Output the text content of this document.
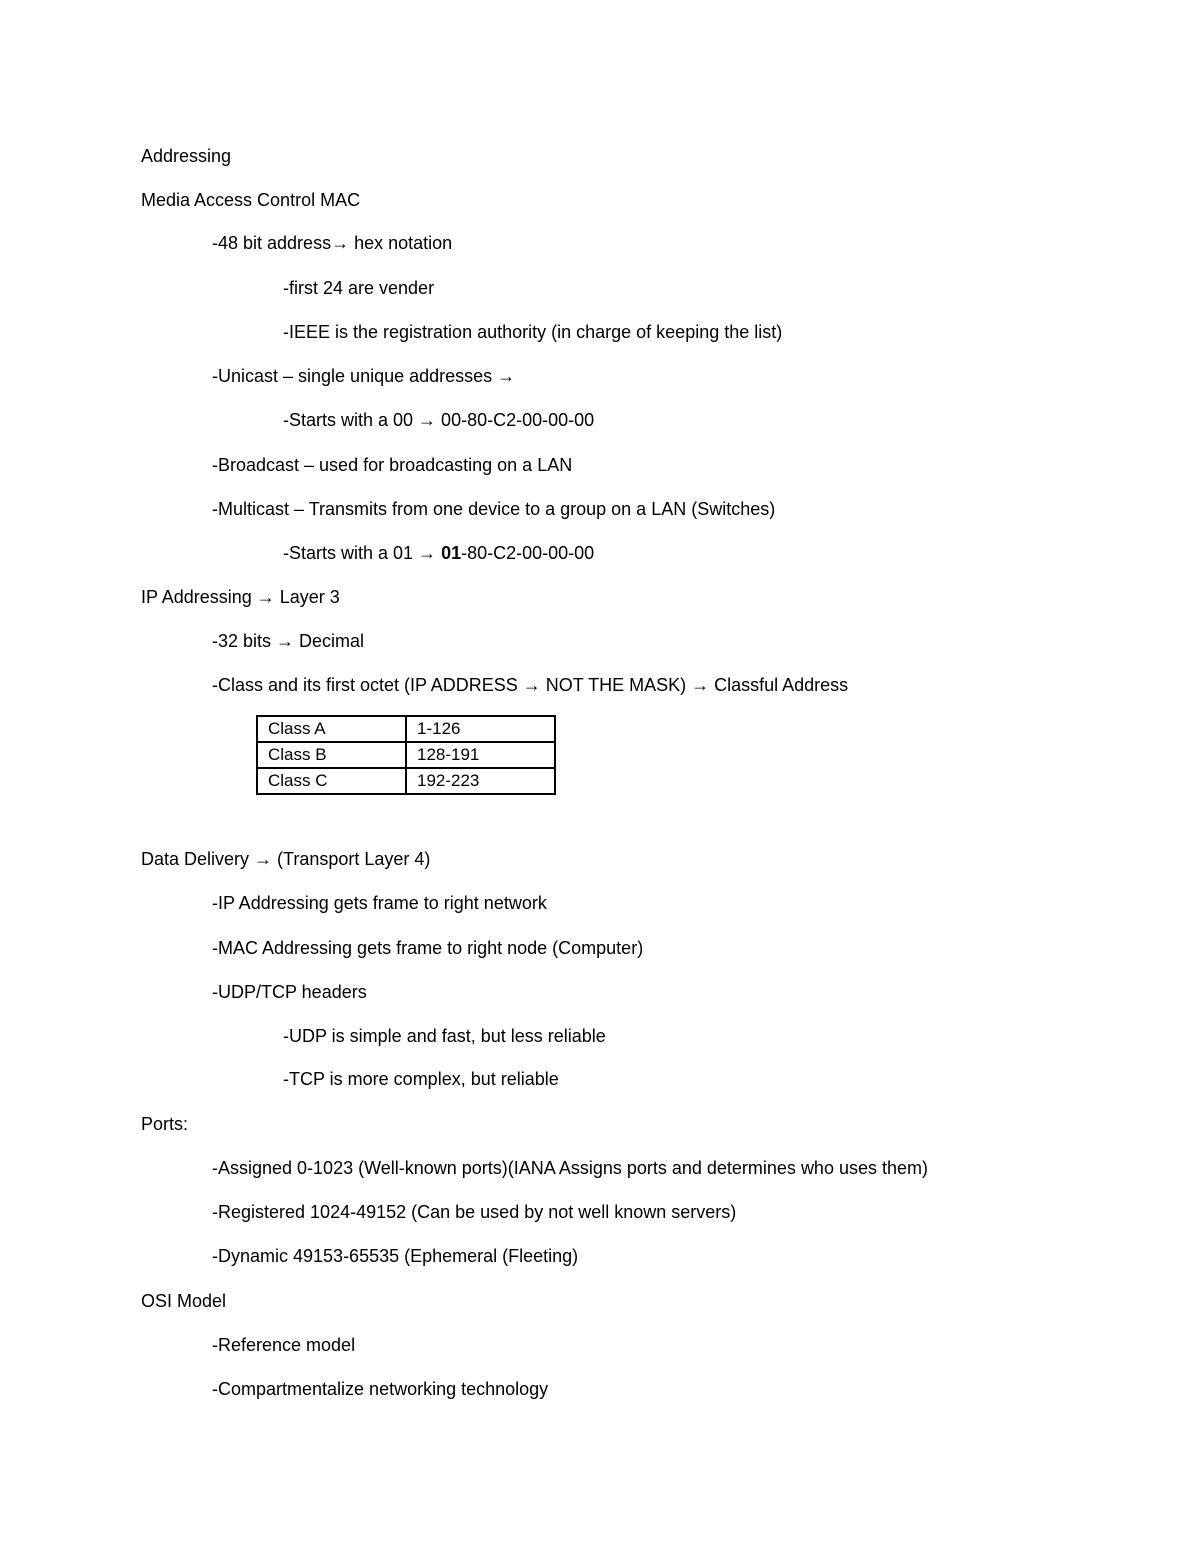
Addressing
Media Access Control MAC
-48 bit address→ hex notation
-first 24 are vender
-IEEE is the registration authority (in charge of keeping the list)
-Unicast – single unique addresses →
-Starts with a 00 → 00-80-C2-00-00-00
-Broadcast – used for broadcasting on a LAN
-Multicast – Transmits from one device to a group on a LAN (Switches)
-Starts with a 01 → 01-80-C2-00-00-00
IP Addressing → Layer 3
-32 bits → Decimal
-Class and its first octet (IP ADDRESS → NOT THE MASK) → Classful Address
Class A	1-126
Class B	128-191
Class C	192-223
Data Delivery → (Transport Layer 4)
-IP Addressing gets frame to right network
-MAC Addressing gets frame to right node (Computer)
-UDP/TCP headers
-UDP is simple and fast, but less reliable
-TCP is more complex, but reliable
Ports:
-Assigned 0-1023 (Well-known ports)(IANA Assigns ports and determines who uses them)
-Registered 1024-49152 (Can be used by not well known servers)
-Dynamic 49153-65535 (Ephemeral (Fleeting)
OSI Model
-Reference model
-Compartmentalize networking technology
